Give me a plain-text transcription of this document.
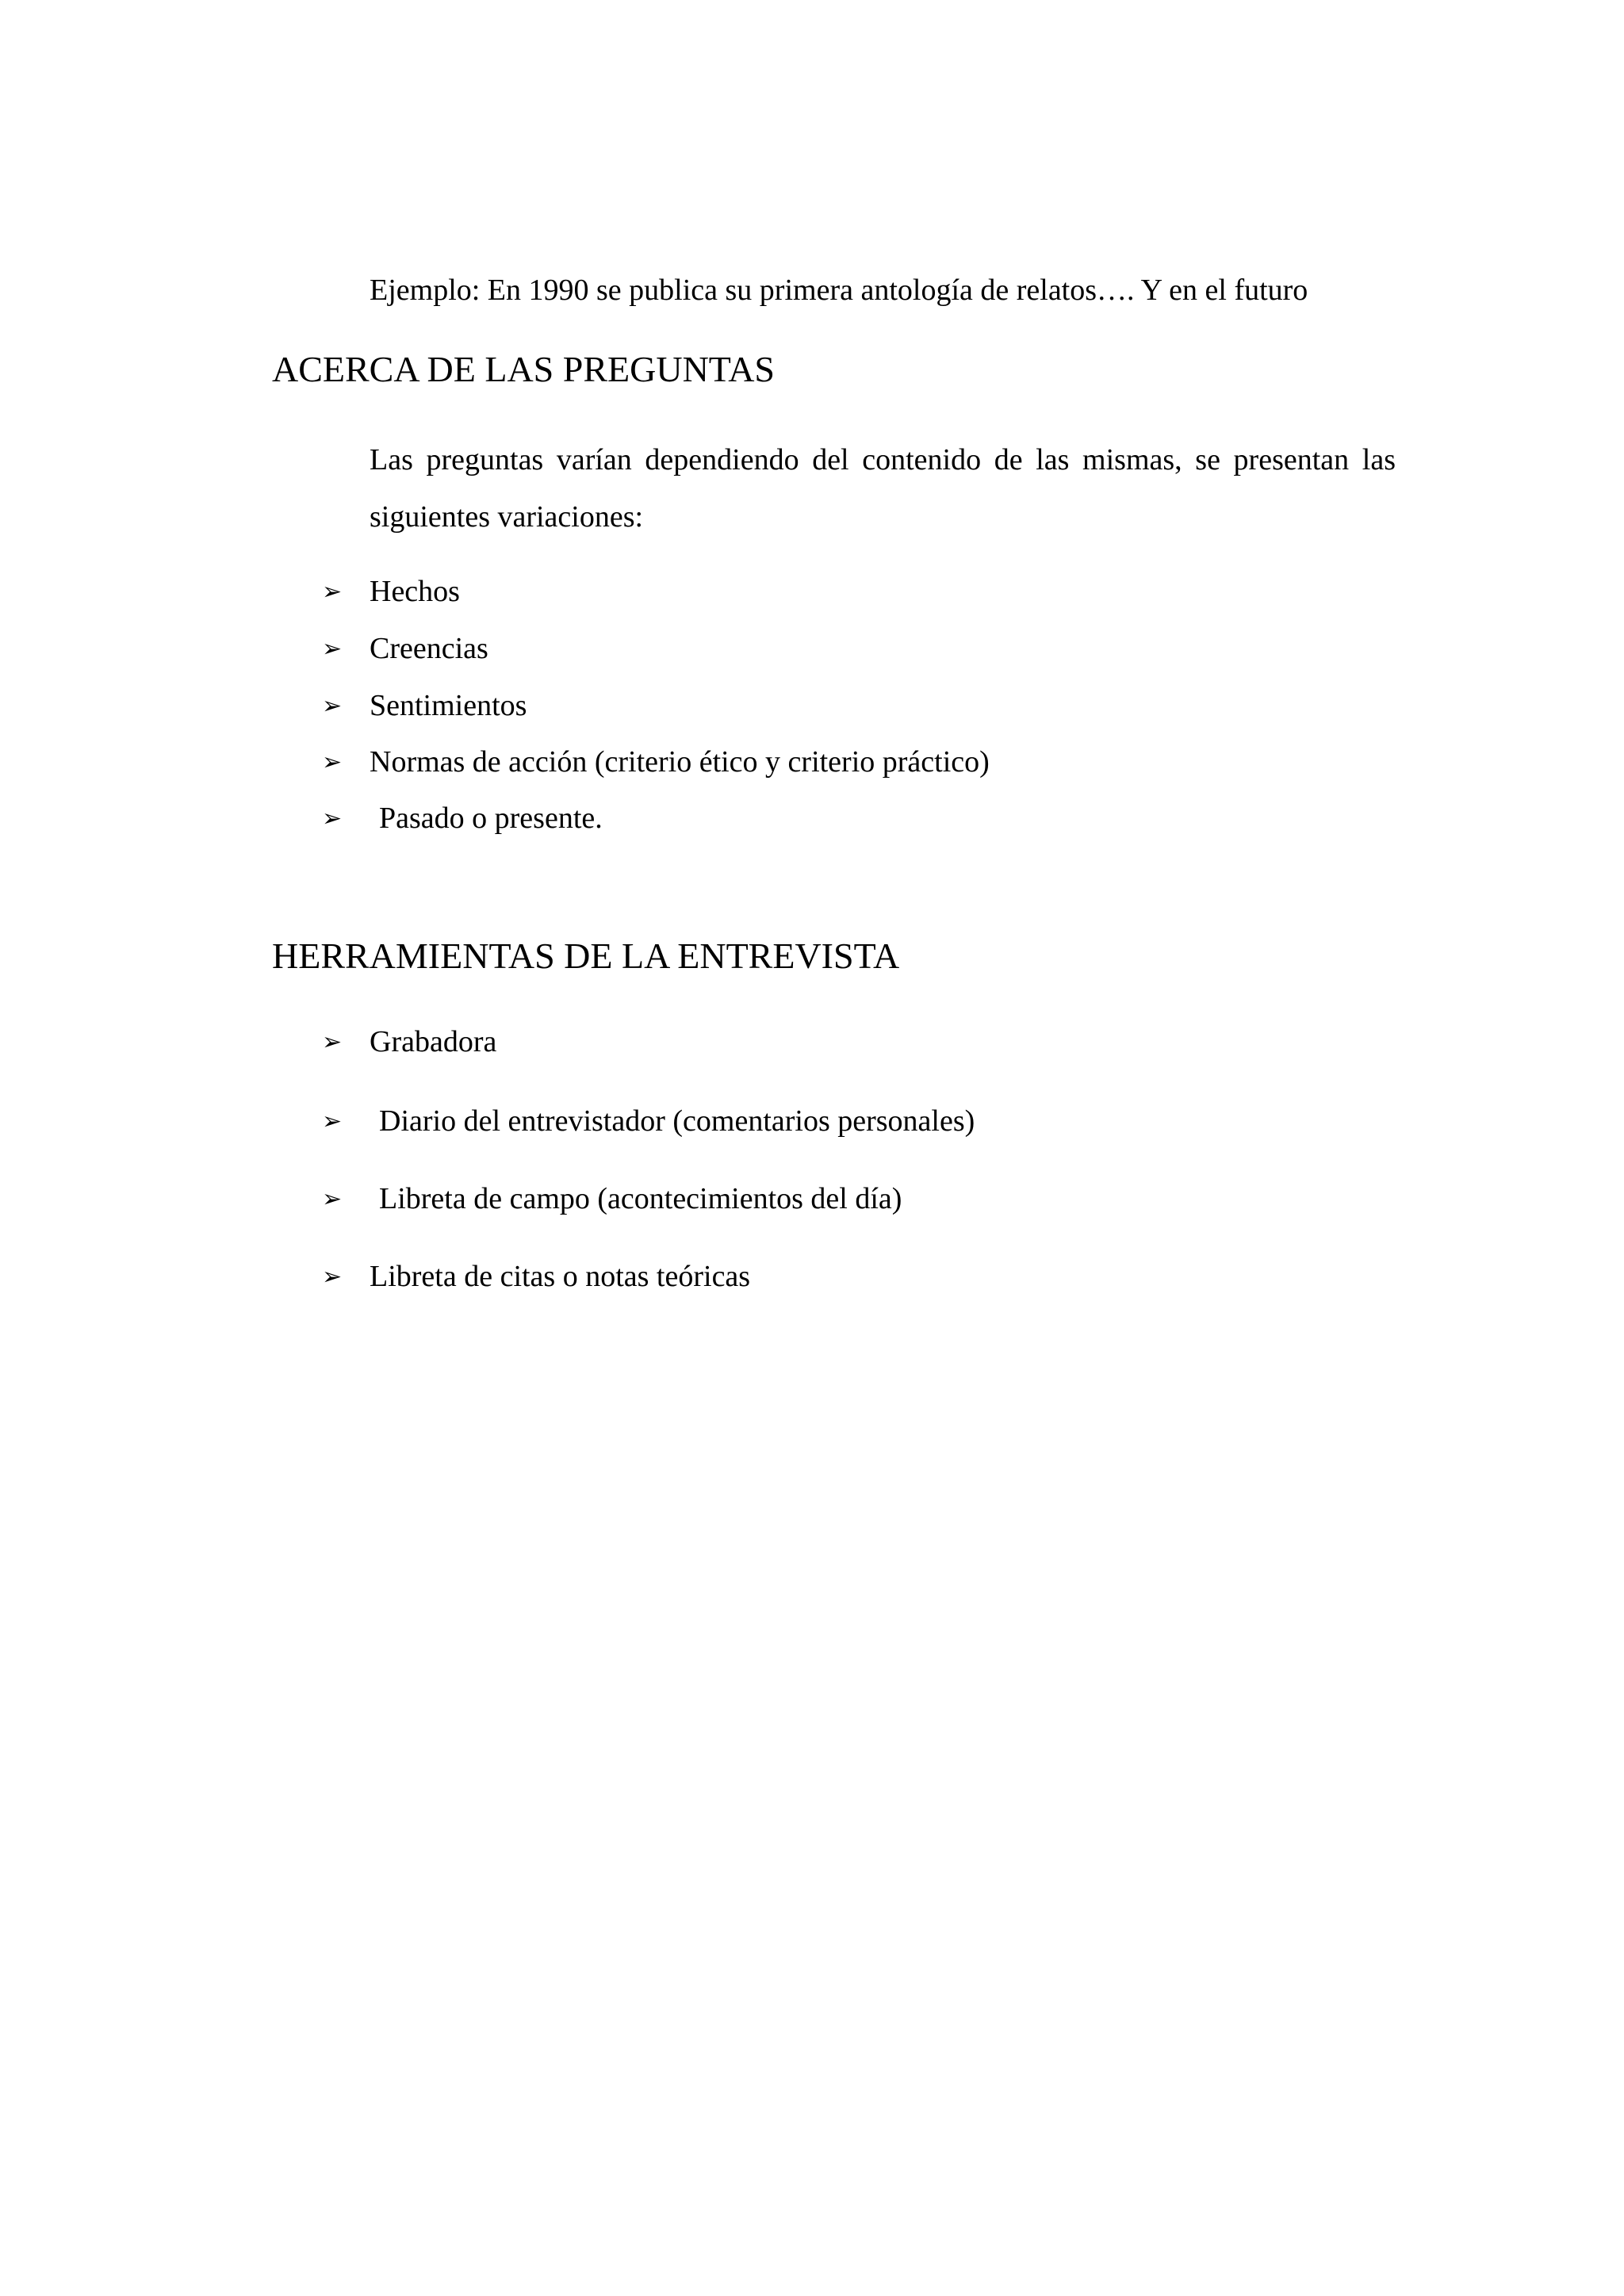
Ejemplo: En 1990 se publica su primera antología de relatos…. Y en el futuro
ACERCA DE LAS PREGUNTAS
Las preguntas varían dependiendo del contenido de las mismas, se presentan las siguientes variaciones:
➢ Hechos
➢ Creencias
➢ Sentimientos
➢ Normas de acción (criterio ético y criterio práctico)
➢ Pasado o presente.
HERRAMIENTAS DE LA ENTREVISTA
➢ Grabadora
➢ Diario del entrevistador (comentarios personales)
➢ Libreta de campo (acontecimientos del día)
➢ Libreta de citas o notas teóricas
